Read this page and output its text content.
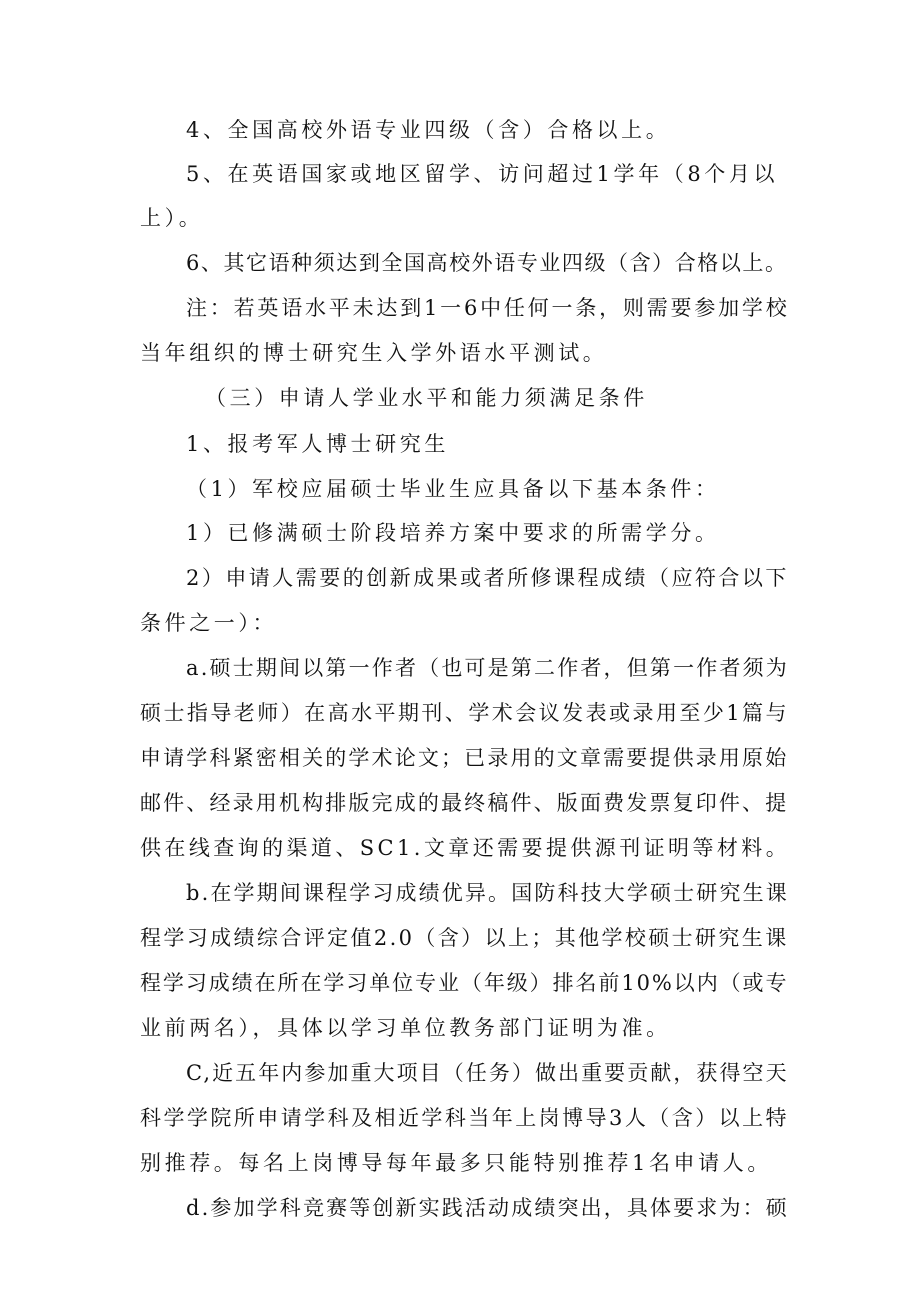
4、全国高校外语专业四级（含）合格以上。
5、在英语国家或地区留学、访问超过1学年（8个月以
上）。
6、其它语种须达到全国高校外语专业四级（含）合格以上。
注：若英语水平未达到1一6中任何一条，则需要参加学校
当年组织的博士研究生入学外语水平测试。
（三）申请人学业水平和能力须满足条件
1、报考军人博士研究生
（1）军校应届硕士毕业生应具备以下基本条件：
1）已修满硕士阶段培养方案中要求的所需学分。
2）申请人需要的创新成果或者所修课程成绩（应符合以下
条件之一）：
a.硕士期间以第一作者（也可是第二作者，但第一作者须为
硕士指导老师）在高水平期刊、学术会议发表或录用至少1篇与
申请学科紧密相关的学术论文；已录用的文章需要提供录用原始
邮件、经录用机构排版完成的最终稿件、版面费发票复印件、提
供在线查询的渠道、SC1.文章还需要提供源刊证明等材料。
b.在学期间课程学习成绩优异。国防科技大学硕士研究生课
程学习成绩综合评定值2.0（含）以上；其他学校硕士研究生课
程学习成绩在所在学习单位专业（年级）排名前10%以内（或专
业前两名），具体以学习单位教务部门证明为准。
C,近五年内参加重大项目（任务）做出重要贡献，获得空天
科学学院所申请学科及相近学科当年上岗博导3人（含）以上特
别推荐。每名上岗博导每年最多只能特别推荐1名申请人。
d.参加学科竞赛等创新实践活动成绩突出，具体要求为：硕
